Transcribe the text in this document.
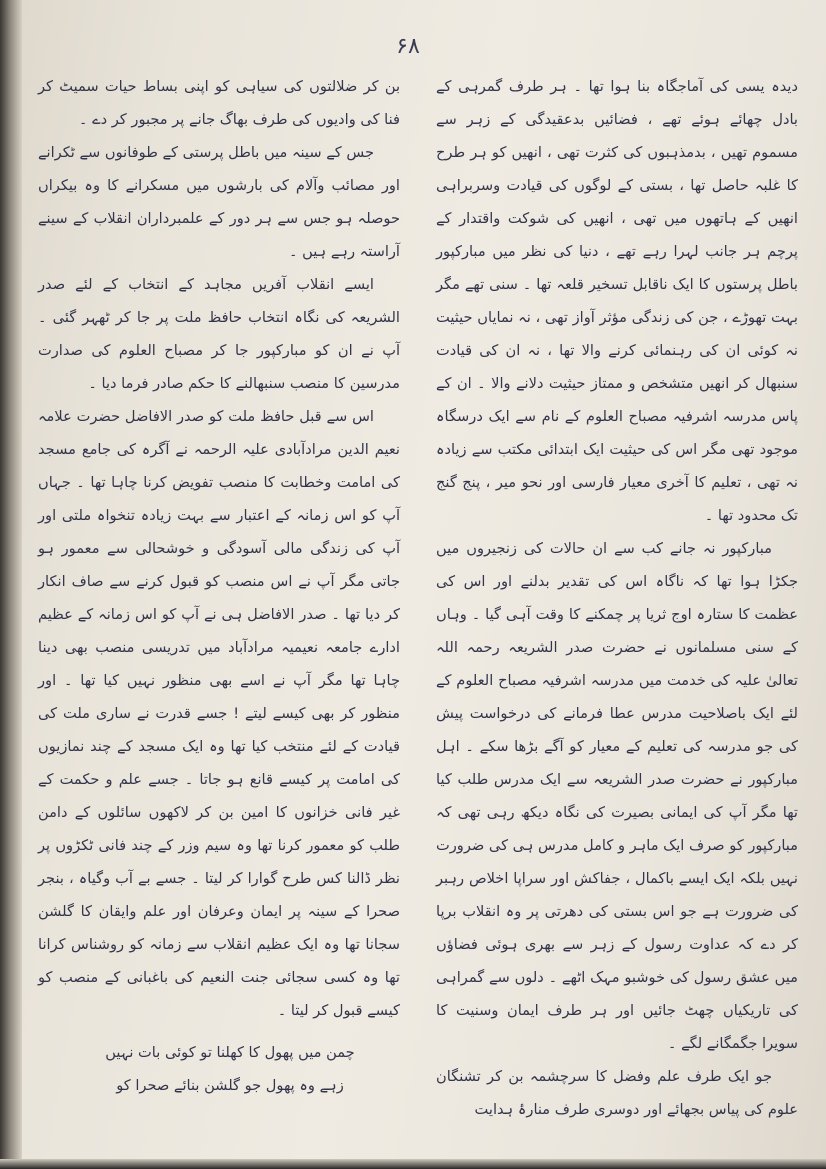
۶۸

دیدہ یسی کی آماجگاہ بنا ہوا تھا ۔ ہر طرف گمرہی کے بادل چھائے ہوئے تھے ، فضائیں بدعقیدگی کے زہر سے مسموم تھیں ، بدمذہبوں کی کثرت تھی ، انھیں کو ہر طرح کا غلبہ حاصل تھا ، بستی کے لوگوں کی قیادت وسربراہی انھیں کے ہاتھوں میں تھی ، انھیں کی شوکت واقتدار کے پرچم ہر جانب لہرا رہے تھے ، دنیا کی نظر میں مبارکپور باطل پرستوں کا ایک ناقابل تسخیر قلعہ تھا ۔ سنی تھے مگر بہت تھوڑے ، جن کی زندگی مؤثر آواز تھی ، نہ نمایاں حیثیت نہ کوئی ان کی رہنمائی کرنے والا تھا ، نہ ان کی قیادت سنبھال کر انھیں متشخص و ممتاز حیثیت دلانے والا ۔ ان کے پاس مدرسہ اشرفیہ مصباح العلوم کے نام سے ایک درسگاہ موجود تھی مگر اس کی حیثیت ایک ابتدائی مکتب سے زیادہ نہ تھی ، تعلیم کا آخری معیار فارسی اور نحو میر ، پنج گنج تک محدود تھا ۔

مبارکپور نہ جانے کب سے ان حالات کی زنجیروں میں جکڑا ہوا تھا کہ ناگاہ اس کی تقدیر بدلنے اور اس کی عظمت کا ستارہ اوج ثریا پر چمکنے کا وقت آہی گیا ۔ وہاں کے سنی مسلمانوں نے حضرت صدر الشریعہ رحمہ اللہ تعالیٰ علیہ کی خدمت میں مدرسہ اشرفیہ مصباح العلوم کے لئے ایک باصلاحیت مدرس عطا فرمانے کی درخواست پیش کی جو مدرسہ کی تعلیم کے معیار کو آگے بڑھا سکے ۔ اہل مبارکپور نے حضرت صدر الشریعہ سے ایک مدرس طلب کیا تھا مگر آپ کی ایمانی بصیرت کی نگاہ دیکھ رہی تھی کہ مبارکپور کو صرف ایک ماہر و کامل مدرس ہی کی ضرورت نہیں بلکہ ایک ایسے باکمال ، جفاکش اور سراپا اخلاص رہبر کی ضرورت ہے جو اس بستی کی دھرتی پر وہ انقلاب برپا کر دے کہ عداوت رسول کے زہر سے بھری ہوئی فضاؤں میں عشق رسول کی خوشبو مہک اٹھے ۔ دلوں سے گمراہی کی تاریکیاں چھٹ جائیں اور ہر طرف ایمان وسنیت کا سویرا جگمگانے لگے ۔

جو ایک طرف علم وفضل کا سرچشمہ بن کر تشنگان علوم کی پیاس بجھائے اور دوسری طرف منارۂ ہدایت

بن کر ضلالتوں کی سیاہی کو اپنی بساط حیات سمیٹ کر فنا کی وادیوں کی طرف بھاگ جانے پر مجبور کر دے ۔

جس کے سینہ میں باطل پرستی کے طوفانوں سے ٹکرانے اور مصائب وآلام کی بارشوں میں مسکرانے کا وہ بیکراں حوصلہ ہو جس سے ہر دور کے علمبرداران انقلاب کے سینے آراستہ رہے ہیں ۔

ایسے انقلاب آفریں مجاہد کے انتخاب کے لئے صدر الشریعہ کی نگاہ انتخاب حافظ ملت پر جا کر ٹھہر گئی ۔ آپ نے ان کو مبارکپور جا کر مصباح العلوم کی صدارت مدرسین کا منصب سنبھالنے کا حکم صادر فرما دیا ۔

اس سے قبل حافظ ملت کو صدر الافاضل حضرت علامہ نعیم الدین مرادآبادی علیہ الرحمہ نے آگرہ کی جامع مسجد کی امامت وخطابت کا منصب تفویض کرنا چاہا تھا ۔ جہاں آپ کو اس زمانہ کے اعتبار سے بہت زیادہ تنخواہ ملتی اور آپ کی زندگی مالی آسودگی و خوشحالی سے معمور ہو جاتی مگر آپ نے اس منصب کو قبول کرنے سے صاف انکار کر دیا تھا ۔ صدر الافاضل ہی نے آپ کو اس زمانہ کے عظیم ادارے جامعہ نعیمیہ مرادآباد میں تدریسی منصب بھی دینا چاہا تھا مگر آپ نے اسے بھی منظور نہیں کیا تھا ۔ اور منظور کر بھی کیسے لیتے ! جسے قدرت نے ساری ملت کی قیادت کے لئے منتخب کیا تھا وہ ایک مسجد کے چند نمازیوں کی امامت پر کیسے قانع ہو جاتا ۔ جسے علم و حکمت کے غیر فانی خزانوں کا امین بن کر لاکھوں سائلوں کے دامن طلب کو معمور کرنا تھا وہ سیم وزر کے چند فانی ٹکڑوں پر نظر ڈالنا کس طرح گوارا کر لیتا ۔ جسے بے آب وگیاہ ، بنجر صحرا کے سینہ پر ایمان وعرفان اور علم وایقان کا گلشن سجانا تھا وہ ایک عظیم انقلاب سے زمانہ کو روشناس کرانا تھا وہ کسی سجائی جنت النعیم کی باغبانی کے منصب کو کیسے قبول کر لیتا ۔

چمن میں پھول کا کھلنا تو کوئی بات نہیں
زہے وہ پھول جو گلشن بنائے صحرا کو
